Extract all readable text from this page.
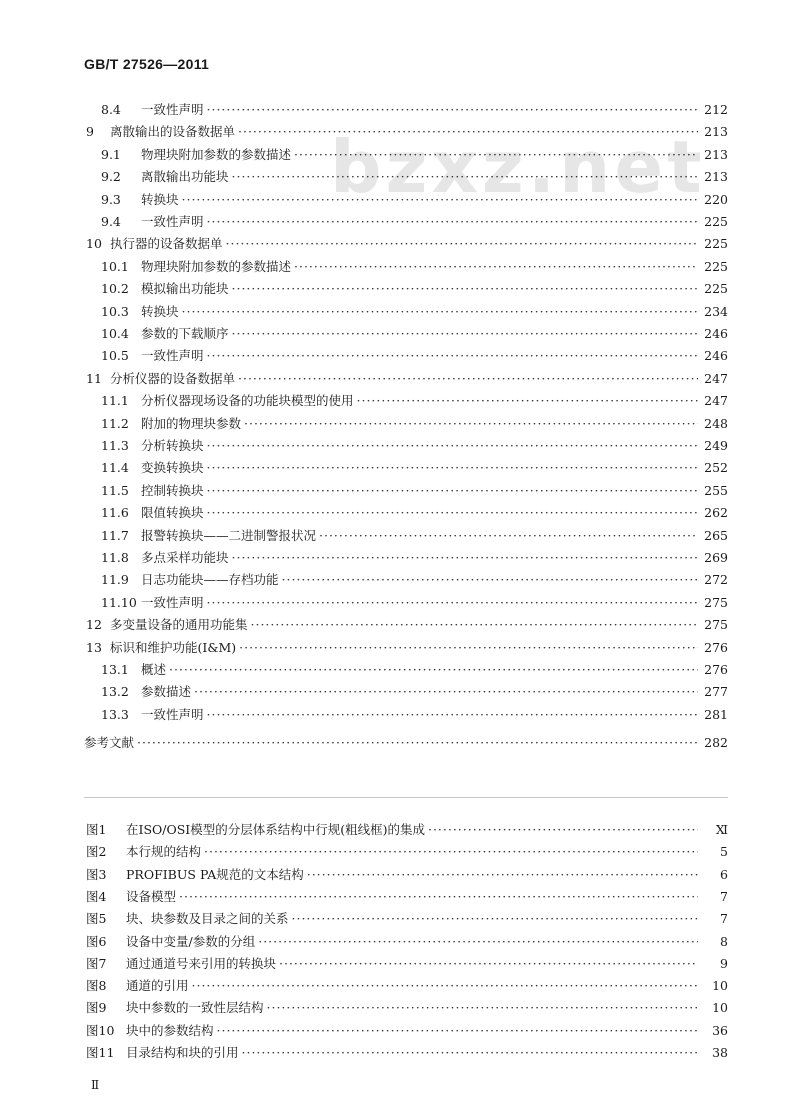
GB/T 27526—2011
bzxz.net
8.4	一致性声明 ·····	212
9	离散输出的设备数据单 ·····	213
9.1	物理块附加参数的参数描述 ·····	213
9.2	离散输出功能块 ·····	213
9.3	转换块 ·····	220
9.4	一致性声明 ·····	225
10 执行器的设备数据单 ·····	225
10.1 物理块附加参数的参数描述 ·····	225
10.2 模拟输出功能块 ·····	225
10.3 转换块 ·····	234
10.4 参数的下载顺序 ·····	246
10.5 一致性声明 ·····	246
11 分析仪器的设备数据单 ·····	247
11.1 分析仪器现场设备的功能块模型的使用 ·····	247
11.2 附加的物理块参数 ·····	248
11.3 分析转换块 ·····	249
11.4 变换转换块 ·····	252
11.5 控制转换块 ·····	255
11.6 限值转换块 ·····	262
11.7 报警转换块——二进制警报状况 ·····	265
11.8 多点采样功能块 ·····	269
11.9 日志功能块——存档功能 ·····	272
11.10 一致性声明 ·····	275
12 多变量设备的通用功能集 ·····	275
13 标识和维护功能(I&M) ·····	276
13.1 概述 ·····	276
13.2 参数描述 ·····	277
13.3 一致性声明 ·····	281
参考文献 ·····	282
图1	在ISO/OSI模型的分层体系结构中行规(粗线框)的集成 ·····	Ⅺ
图2	本行规的结构 ·····	5
图3	PROFIBUS PA规范的文本结构 ·····	6
图4	设备模型 ·····	7
图5	块、块参数及目录之间的关系 ·····	7
图6	设备中变量/参数的分组 ·····	8
图7	通过通道号来引用的转换块 ·····	9
图8	通道的引用 ·····	10
图9	块中参数的一致性层结构 ·····	10
图10 块中的参数结构 ·····	36
图11 目录结构和块的引用 ·····	38
Ⅱ
